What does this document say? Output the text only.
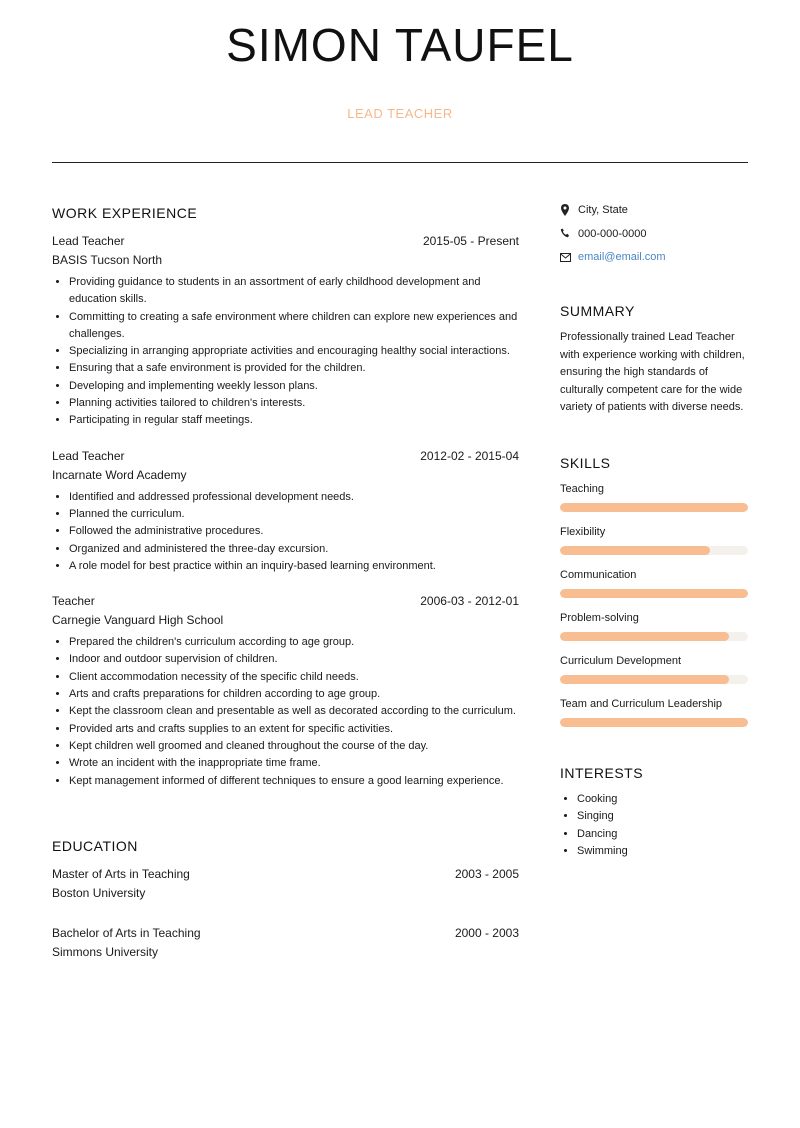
SIMON TAUFEL
LEAD TEACHER
WORK EXPERIENCE
Lead Teacher	2015-05 - Present
BASIS Tucson North
• Providing guidance to students in an assortment of early childhood development and education skills.
• Committing to creating a safe environment where children can explore new experiences and challenges.
• Specializing in arranging appropriate activities and encouraging healthy social interactions.
• Ensuring that a safe environment is provided for the children.
• Developing and implementing weekly lesson plans.
• Planning activities tailored to children's interests.
• Participating in regular staff meetings.
Lead Teacher	2012-02 - 2015-04
Incarnate Word Academy
• Identified and addressed professional development needs.
• Planned the curriculum.
• Followed the administrative procedures.
• Organized and administered the three-day excursion.
• A role model for best practice within an inquiry-based learning environment.
Teacher	2006-03 - 2012-01
Carnegie Vanguard High School
• Prepared the children's curriculum according to age group.
• Indoor and outdoor supervision of children.
• Client accommodation necessity of the specific child needs.
• Arts and crafts preparations for children according to age group.
• Kept the classroom clean and presentable as well as decorated according to the curriculum.
• Provided arts and crafts supplies to an extent for specific activities.
• Kept children well groomed and cleaned throughout the course of the day.
• Wrote an incident with the inappropriate time frame.
• Kept management informed of different techniques to ensure a good learning experience.
EDUCATION
Master of Arts in Teaching	2003 - 2005
Boston University
Bachelor of Arts in Teaching	2000 - 2003
Simmons University
City, State
000-000-0000
email@email.com
SUMMARY

Professionally trained Lead Teacher with experience working with children, ensuring the high standards of culturally competent care for the wide variety of patients with diverse needs.

SKILLS
Teaching
Flexibility
Communication
Problem-solving
Curriculum Development
Team and Curriculum Leadership
INTERESTS
• Cooking
• Singing
• Dancing
• Swimming
